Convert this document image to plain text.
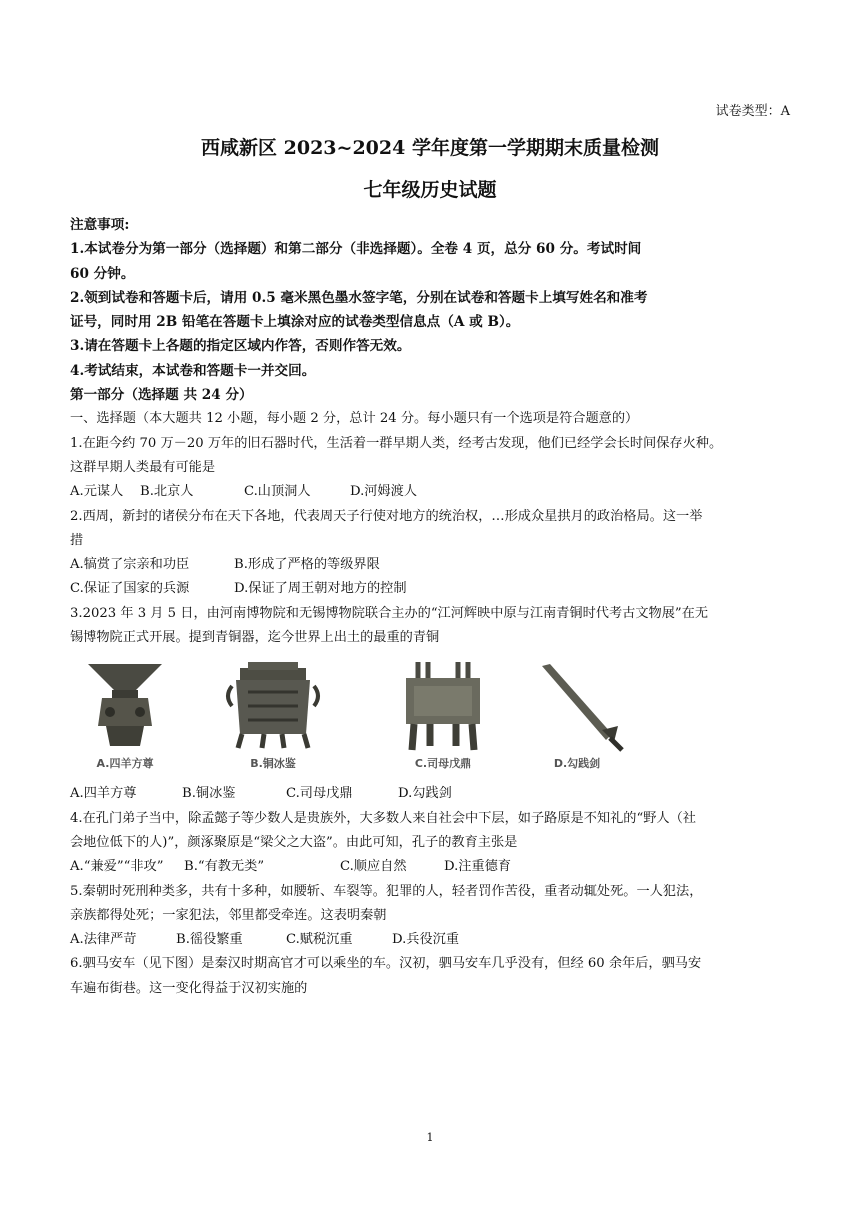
试卷类型：A
西咸新区 2023~2024 学年度第一学期期末质量检测
七年级历史试题

注意事项:

1.本试卷分为第一部分（选择题）和第二部分（非选择题）。全卷 4 页，总分 60 分。考试时间

60 分钟。

2.领到试卷和答题卡后，请用 0.5 毫米黑色墨水签字笔，分别在试卷和答题卡上填写姓名和准考

证号，同时用 2B 铅笔在答题卡上填涂对应的试卷类型信息点（A 或 B）。

3.请在答题卡上各题的指定区域内作答，否则作答无效。

4.考试结束，本试卷和答题卡一并交回。

第一部分（选择题 共 24 分）

一、选择题（本大题共 12 小题，每小题 2 分，总计 24 分。每小题只有一个选项是符合题意的）

1.在距今约 70 万－20 万年的旧石器时代，生活着一群早期人类，经考古发现，他们已经学会长时间保存火种。

这群早期人类最有可能是

A.元谋人 B.北京人	C.山顶洞人	D.河姆渡人

2.西周，新封的诸侯分布在天下各地，代表周天子行使对地方的统治权，…形成众星拱月的政治格局。这一举

措

A.犒赏了宗亲和功臣	B.形成了严格的等级界限

C.保证了国家的兵源	D.保证了周王朝对地方的控制

3.2023 年 3 月 5 日，由河南博物院和无锡博物院联合主办的“江河辉映中原与江南青铜时代考古文物展”在无

锡博物院正式开展。提到青铜器，迄今世界上出土的最重的青铜

A.四羊方尊	B.铜冰鉴	C.司母戊鼎	D.勾践剑

A.四羊方尊	B.铜冰鉴	C.司母戊鼎	D.勾践剑

4.在孔门弟子当中，除孟懿子等少数人是贵族外，大多数人来自社会中下层，如子路原是不知礼的“野人（社

会地位低下的人)”，颜涿聚原是“梁父之大盗”。由此可知，孔子的教育主张是

A.“兼爱”“非攻” B.“有教无类”	C.顺应自然	D.注重德育

5.秦朝时死刑种类多，共有十多种，如腰斩、车裂等。犯罪的人，轻者罚作苦役，重者动辄处死。一人犯法，

亲族都得处死；一家犯法，邻里都受牵连。这表明秦朝

A.法律严苛	B.徭役繁重	C.赋税沉重	D.兵役沉重

6.驷马安车（见下图）是秦汉时期高官才可以乘坐的车。汉初，驷马安车几乎没有，但经 60 余年后，驷马安

车遍布街巷。这一变化得益于汉初实施的

1
